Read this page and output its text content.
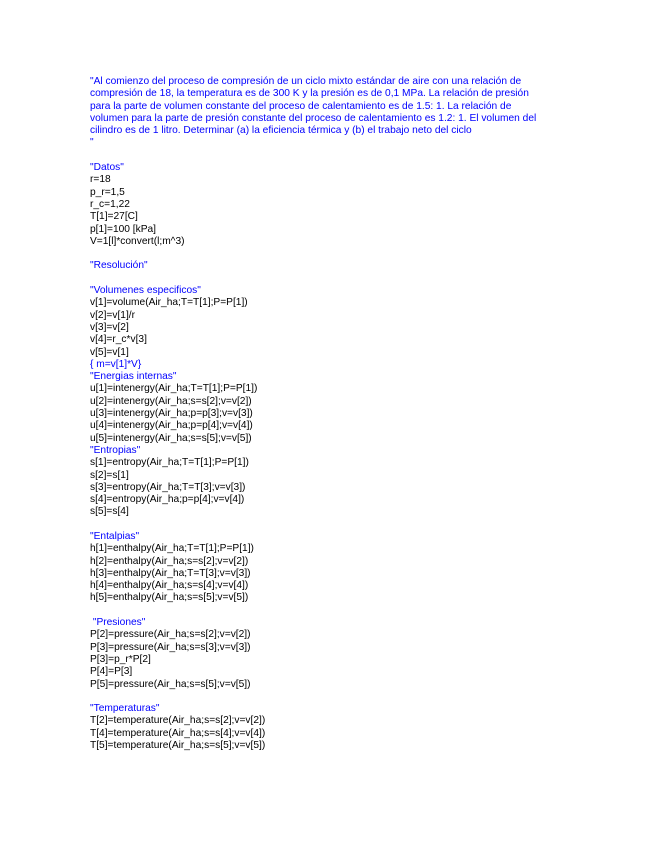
"Al comienzo del proceso de compresión de un ciclo mixto estándar de aire con una relación de
compresión de 18, la temperatura es de 300 K y la presión es de 0,1 MPa. La relación de presión
para la parte de volumen constante del proceso de calentamiento es de 1.5: 1. La relación de
volumen para la parte de presión constante del proceso de calentamiento es 1.2: 1. El volumen del
cilindro es de 1 litro. Determinar (a) la eficiencia térmica y (b) el trabajo neto del ciclo
"
"Datos"
r=18
p_r=1,5
r_c=1,22
T[1]=27[C]
p[1]=100 [kPa]
V=1[l]*convert(l;m^3)
"Resolución"
"Volumenes especificos"
v[1]=volume(Air_ha;T=T[1];P=P[1])
v[2]=v[1]/r
v[3]=v[2]
v[4]=r_c*v[3]
v[5]=v[1]
{ m=v[1]*V}
"Energias internas"
u[1]=intenergy(Air_ha;T=T[1];P=P[1])
u[2]=intenergy(Air_ha;s=s[2];v=v[2])
u[3]=intenergy(Air_ha;p=p[3];v=v[3])
u[4]=intenergy(Air_ha;p=p[4];v=v[4])
u[5]=intenergy(Air_ha;s=s[5];v=v[5])
"Entropias"
s[1]=entropy(Air_ha;T=T[1];P=P[1])
s[2]=s[1]
s[3]=entropy(Air_ha;T=T[3];v=v[3])
s[4]=entropy(Air_ha;p=p[4];v=v[4])
s[5]=s[4]
"Entalpias"
h[1]=enthalpy(Air_ha;T=T[1];P=P[1])
h[2]=enthalpy(Air_ha;s=s[2];v=v[2])
h[3]=enthalpy(Air_ha;T=T[3];v=v[3])
h[4]=enthalpy(Air_ha;s=s[4];v=v[4])
h[5]=enthalpy(Air_ha;s=s[5];v=v[5])
"Presiones"
P[2]=pressure(Air_ha;s=s[2];v=v[2])
P[3]=pressure(Air_ha;s=s[3];v=v[3])
P[3]=p_r*P[2]
P[4]=P[3]
P[5]=pressure(Air_ha;s=s[5];v=v[5])
"Temperaturas"
T[2]=temperature(Air_ha;s=s[2];v=v[2])
T[4]=temperature(Air_ha;s=s[4];v=v[4])
T[5]=temperature(Air_ha;s=s[5];v=v[5])
